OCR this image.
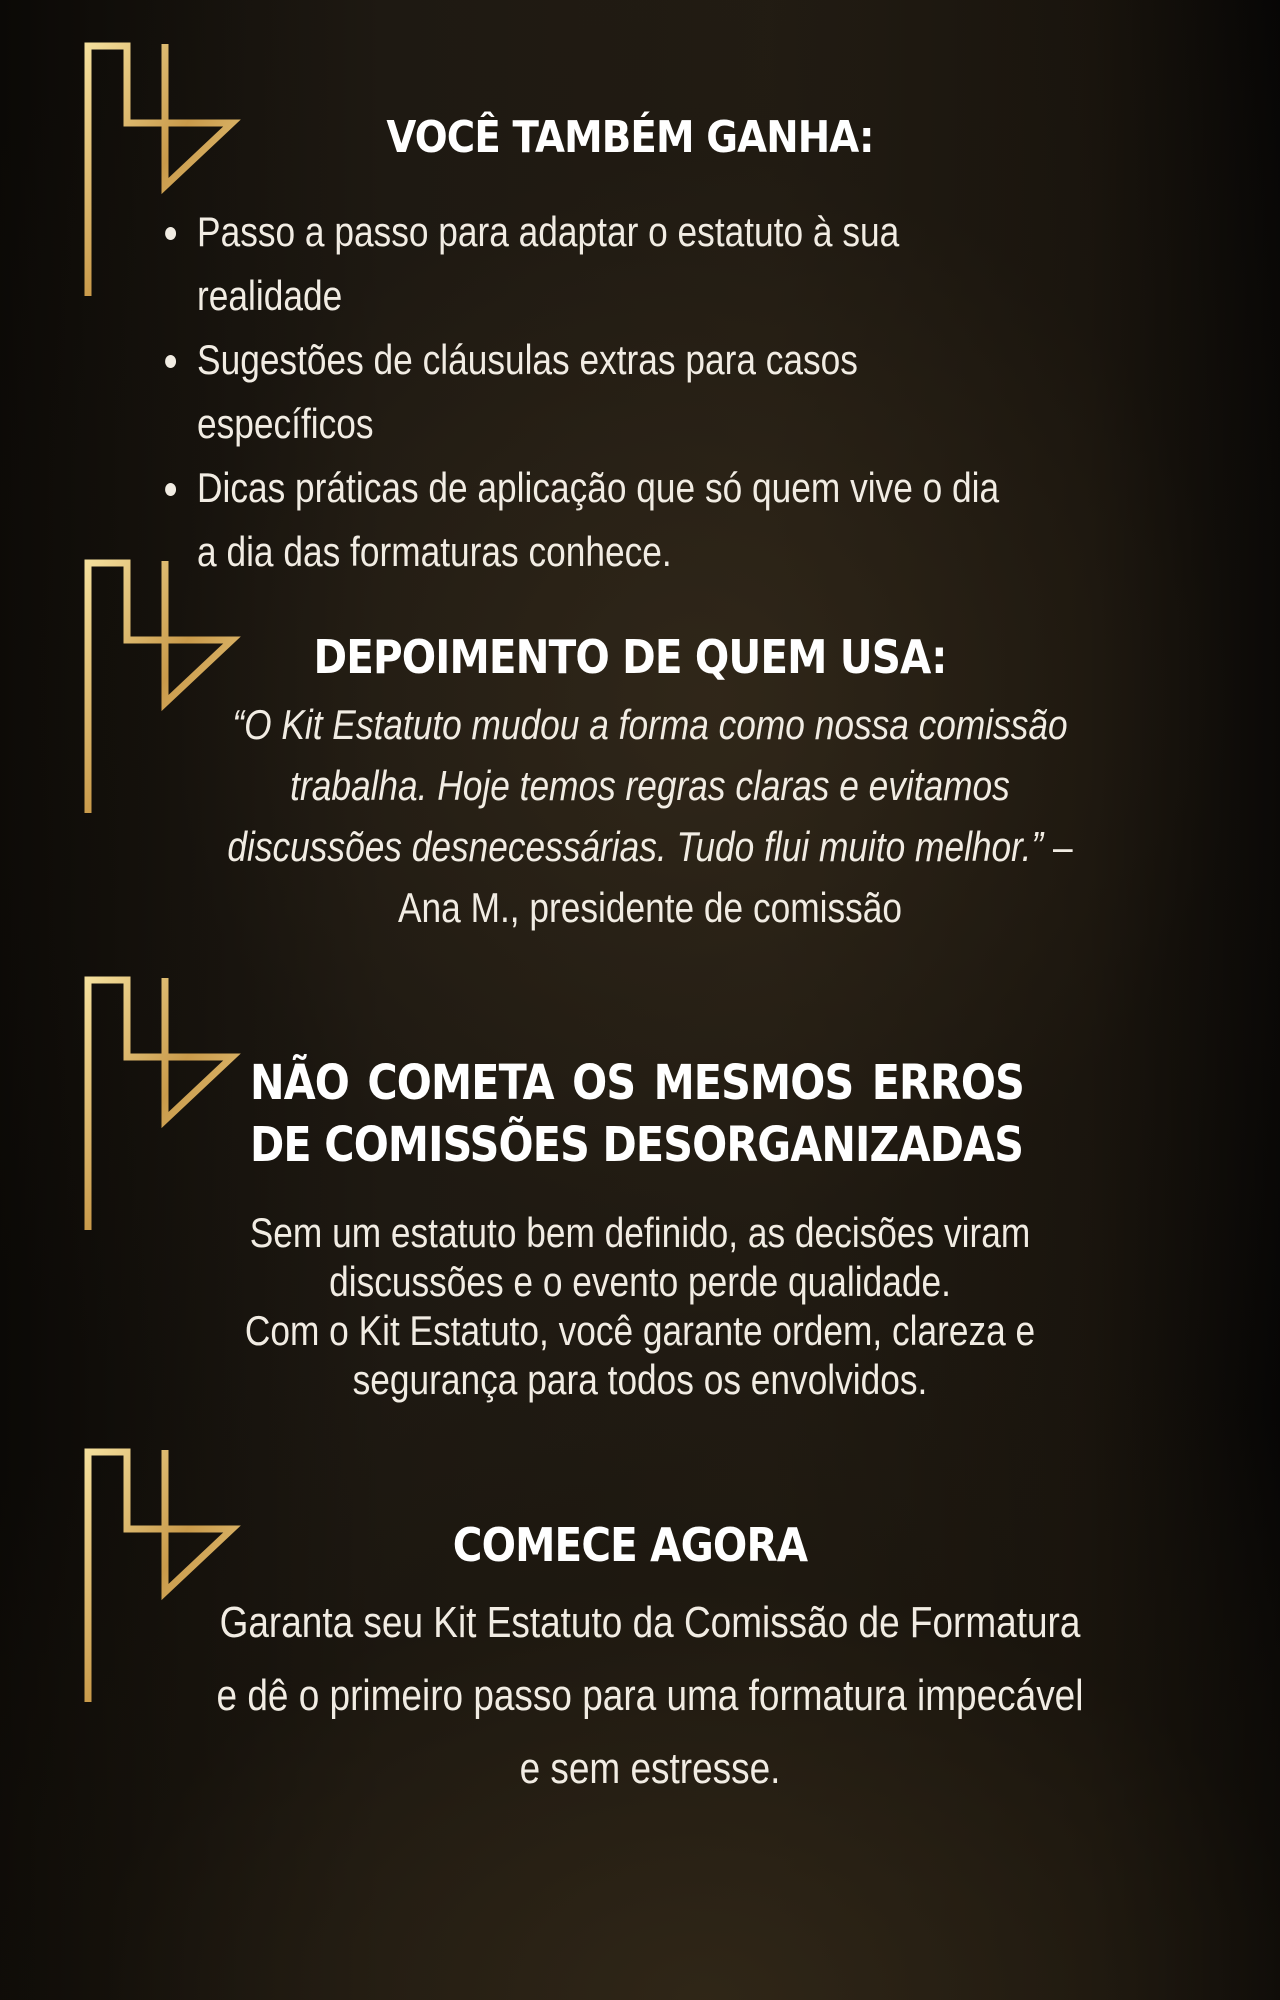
VOCÊ TAMBÉM GANHA:
• Passo a passo para adaptar o estatuto à sua realidade
• Sugestões de cláusulas extras para casos específicos
• Dicas práticas de aplicação que só quem vive o dia a dia das formaturas conhece.
DEPOIMENTO DE QUEM USA:
“O Kit Estatuto mudou a forma como nossa comissão trabalha. Hoje temos regras claras e evitamos discussões desnecessárias. Tudo flui muito melhor.” – Ana M., presidente de comissão
NÃO COMETA OS MESMOS ERROS DE COMISSÕES DESORGANIZADAS
Sem um estatuto bem definido, as decisões viram discussões e o evento perde qualidade.
Com o Kit Estatuto, você garante ordem, clareza e segurança para todos os envolvidos.
COMECE AGORA
Garanta seu Kit Estatuto da Comissão de Formatura e dê o primeiro passo para uma formatura impecável e sem estresse.
